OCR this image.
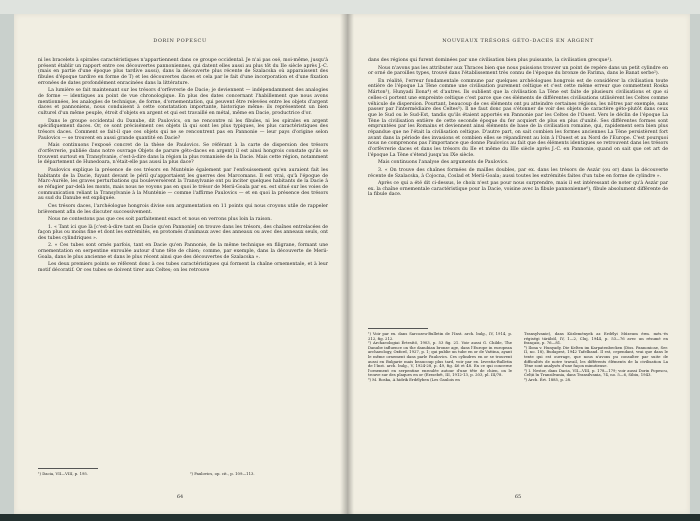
DORIN POPESCU

ni les bracelets à spirales caractéristiques n'appartiennent dans ce groupe occidental. Je n'ai pas osé, moi-même, jusqu'à présent établir un rapport entre ces découvertes pannoniennes, qui datent elles aussi au plus tôt du IIe siècle après J.-C. (mais en partie d'une époque plus tardive aussi), dans la découverte plus récente de Szalacska où apparaissent des fibules d'époque tardive en forme de T) et les découvertes daces et cela par le fait d'une incorporation et d'une fixation erronées de dates profondément enracinées dans la littérature.

La lumière se fait maintenant sur les trésors d'orfèvrerie de Dacie; je deviennent — indépendamment des analogies de forme — identiques au point de vue chronologique. En plus des dates concernant l'habillement que nous avons mentionnées, les analogies de technique, de forme, d'ornementation, qui peuvent être relevées entre les objets d'argent daces et pannoniens, nous conduisent à cette constatation importante, historique même: ils représentent un bien culturel d'un même peuple, étroit d'objets en argent et qui est travaillé en métal, même en Dacie, productrice d'or.

Dans le groupe occidental du Danube, dit Paulovics, on ne rencontre ni les fibules, ni les spirales en argent spécifiquement daces. Or, ce sont précisément ces objets là qui sont les plus typiques, les plus caractéristiques des trésors daces. Comment se fait-il que ces objets qui ne se rencontrent pas en Pannonie — leur pays d'origine selon Paulovics — se trouvent en aussi grande quantité en Dacie?

Mais continuons l'exposé concret de la thèse de Paulovics. Se référant à la carte de dispersion des trésors d'orfèvrerie, publiée dans notre ouvrage Objets de parure géto-daces en argent) il est ainsi hongrois constate qu'ils se trouvent surtout en Transylvanie, c'est-à-dire dans la région la plus romanisée de la Dacie. Mais cette région, notamment le département de Hunedoara, n'était-elle pas aussi la plus dace?

Paulovics explique la présence de ces trésors en Munténie également par l'enfouissement qu'en auraient fait les habitants de la Dacie, fuyant devant le péril qu'apportaient les guerres des Marcomans. Il est vrai, qu'à l'époque de Marc-Aurèle, les graves perturbations qui bouleversèrent la Transylvanie ont pu inciter quelques habitants de la Dacie à se réfugier par-delà les monts, mais nous ne voyons pas en quoi le trésor de Merii-Goala par ex. est situé sur les voies de communication reliant la Transylvanie à la Munténie — comme l'affirme Paulovics — et en quoi la présence des trésors au sud du Danube est expliquée.

Ces trésors daces, l'archéologue hongrois divise son argumentation en 11 points qui nous croyons utile de rappeler brièvement afin de les discuter successivement.

Nous ne contestons pas que ces soit parfaitement exact et nous en verrons plus loin la raison.

1. « Tant ici que là [c'est-à-dire tant en Dacie qu'en Pannonie] on trouve dans les trésors, des chaînes entrelacées de façon plus ou moins fine et dont les extrémités, en protomés d'animaux avec des anneaux ou avec des anneaux seuls, ont des tubes cylindriques ».

2. « Ces tubes sont ornés parfois, tant en Dacie qu'en Pannonie, de la même technique en filigrane, formant une ornementation en serpentine enroulée autour d'une tête de chien; comme, par exemple, dans la découverte de Merii-Goala, dans le plus ancienne et dans le plus récent ainsi que des découvertes de Szalacska ».

Les deux premiers points se réfèrent donc à ces tubes caractéristiques qui forment la chaîne ornementale, et à leur motif décoratif. Or ces tubes se doivent tirer aux Celtes; on les retrouve

¹) Dacia, VII—VIII, p. 195.	²) Paulovics, op. cit., p. 109—113.

64
NOUVEAUX TRÉSORS GÉTO-DACES EN ARGENT

dans des régions qui furent dominées par une civilisation bien plus puissante, la civilisation grecque¹).

Nous n'avons pas les attributer aux Thraces bien que nous puissions trouver un point de repère dans un petit cylindre en or orné de paroilles types, trouvé dans l'établissement très connu de l'époque du bronze de Farima, dans le Banat serbe²).

En réalité, l'erreur fondamentale commune par quelques archéologues hongrois est de considérer la civilisation toute entière de l'époque La Tène comme une civilisation purement celtique et c'est cette même erreur que commettent Roska Márton³), Hunyadi Ilona⁴) et d'autres. Ils oublient que la civilisation La Tène est faite de plusieurs civilisations et que si celles-ci portent une empreinte celtique c'est parce que ces éléments de différentes civilisations utilisèrent les Celtes comme véhicule de dispersion. Pourtant, beaucoup de ces éléments ont pu atteindre certaines régions, les nôtres par exemple, sans passer par l'intermédiaire des Celtes⁵). Il ne faut donc pas s'étonner de voir des objets de caractère géto-plutôt dans ceux que le Sud ou le Sud-Est, tandis qu'ils étaient apportés en Pannonie par les Celtes de l'Ouest. Vers le déclin de l'époque La Tène la civilisation entière de cette seconde époque du fer acquiert de plus en plus d'unité. Ses différentes formes sont empruntées par les Romains et deviennent ainsi éléments de base de la civilisation romaine, qui, rapidement sera bien plus répandue que ne l'était la civilisation celtique. D'autre part, on sait combien les formes anciennes La Tène persistèrent fort avant dans la période des invasions et combien elles se répandirent au loin à l'Ouest et au Nord de l'Europe. C'est pourquoi nous ne comprenons pas l'importance que donne Paulovics au fait que des éléments identiques se retrouvent dans les trésors d'orfèvrerie daces et dans les trésors du IIe et même du IIIe siècle après J.-C. en Pannonie, quand on sait que cet art de l'époque La Tène s'étend jusqu'au IXe siècle.

Mais continuons l'analyse des arguments de Paulovics.

3. « On trouve des chaînes formées de mailles doubles, par ex. dans les trésors de Aszár (ou or) dans la découverte récente de Szalacska, à Cojocna, Coslad et Merii-Goala; aussi toutes les extrémités faites d'un tube en forme de cylindre ».

Après ce qui a été dit ci-dessus, le choix n'est pas pour nous surprendre, mais il est intéressant de noter qu'à Aszár par ex. la chaîne ornementale caractéristique pour la Dacie, voisine avec la fibule pannonienne⁶), fibule absolument différente de la fibule dace.

¹) Voir par ex. dans Sarcozeu-Bulletin de l'Inst. arch. bulg., IV, 1914, p. 212, fig. 212.

²) Archaeologiai Értesítő, 1903, p. 53 fig. 21. Voir aussi G. Childe, The Danube influence on the danubian bronze age, dans l'Europe in european archaeology, Oxford, 1927, p. 1; qui publie un tube en or de Vattina, ayant le même ornement dans parle Paulovics. Ces cylindres en or se trouvent aussi en Bulgarie mais beaucoup plus tard, voir par ex. Izvestia-Bulletin de l'Inst. arch. bulg., V, 1924-28, p. 49, fig. 46 et 48. En ce qui concerne l'ornement en serpentine enroulée autour d'une tête de chien, on le trouve sur des plaques en or (Erzsebét, III, 1912-13, p. 203, pl. III/78.

³) M. Roska, A hidrik Erdélyben (Les Gaulois en

Transylvanie), dans Közlemények az Erdélyi Múzeum érm. més.-és régiségi tárából, IV, 1—2, Cluj, 1944, p. 53—76 avec un résumé en français, p. 76—81.

⁴) Ilona v. Hunyady, Die Kelten im Karpatenbecken (Diss. Pannonicae, Ser. II, no. 18), Budapest, 1942 Tafelband. Il est, cependant, vrai que dans le texte qui est ouvrage, que nous n'avons pu consulter par suite de difficultés de notre travail, les différents éléments de la civilisation La Tène sont analysés d'une façon minutieuse.

⁵) I. Nestor, dans Dacia, VII—VIII, p. 178—179; voir aussi Dorin Popescu, Celții în Transilvania, dans Transilvania, 74, no. 5—6, Sibiu, 1943.

⁶) Arch. Ért. 1885, p. 28.

65
